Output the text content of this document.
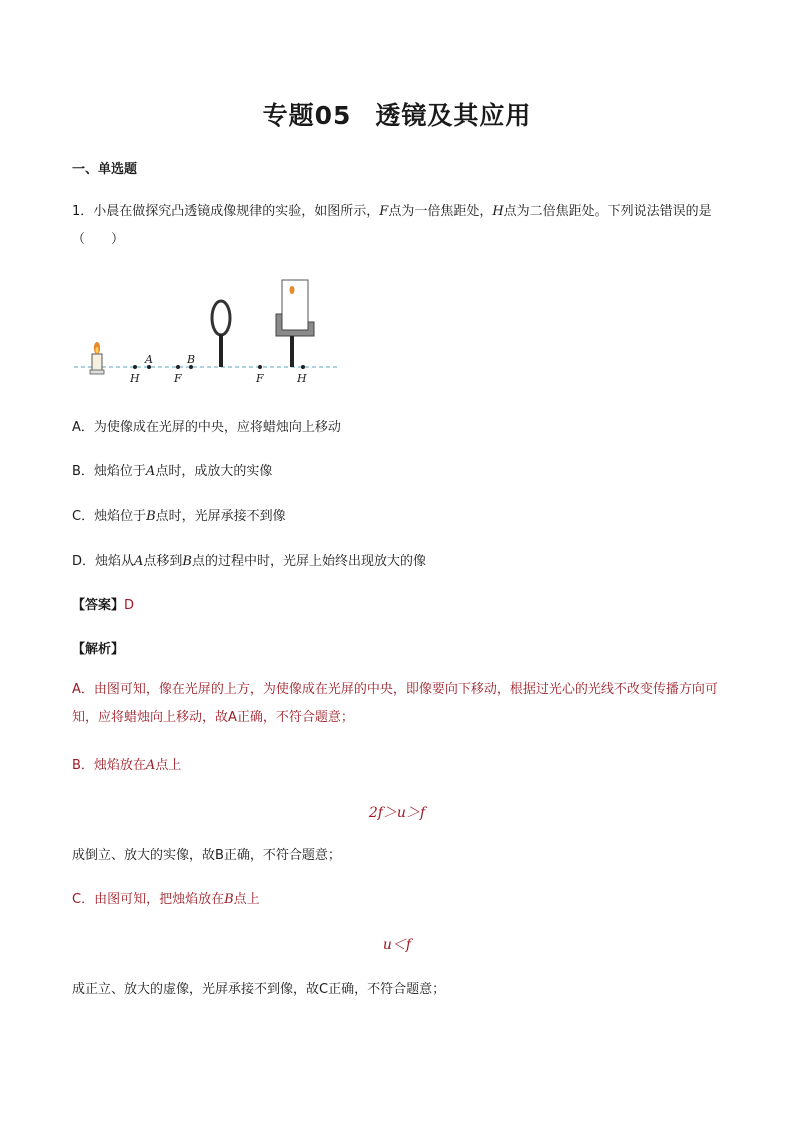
专题05 透镜及其应用
一、单选题
1．小晨在做探究凸透镜成像规律的实验，如图所示，F点为一倍焦距处，H点为二倍焦距处。下列说法错误的是（　　）
H
A
F
B
F	H
A．为使像成在光屏的中央，应将蜡烛向上移动
B．烛焰位于A点时，成放大的实像
C．烛焰位于B点时，光屏承接不到像
D．烛焰从A点移到B点的过程中时，光屏上始终出现放大的像
【答案】D
【解析】
A．由图可知，像在光屏的上方，为使像成在光屏的中央，即像要向下移动，根据过光心的光线不改变传播方向可知，应将蜡烛向上移动，故A正确，不符合题意；
B．烛焰放在A点上
2f＞u＞f
成倒立、放大的实像，故B正确，不符合题意；
C．由图可知，把烛焰放在B点上
u＜f
成正立、放大的虚像，光屏承接不到像，故C正确，不符合题意；
